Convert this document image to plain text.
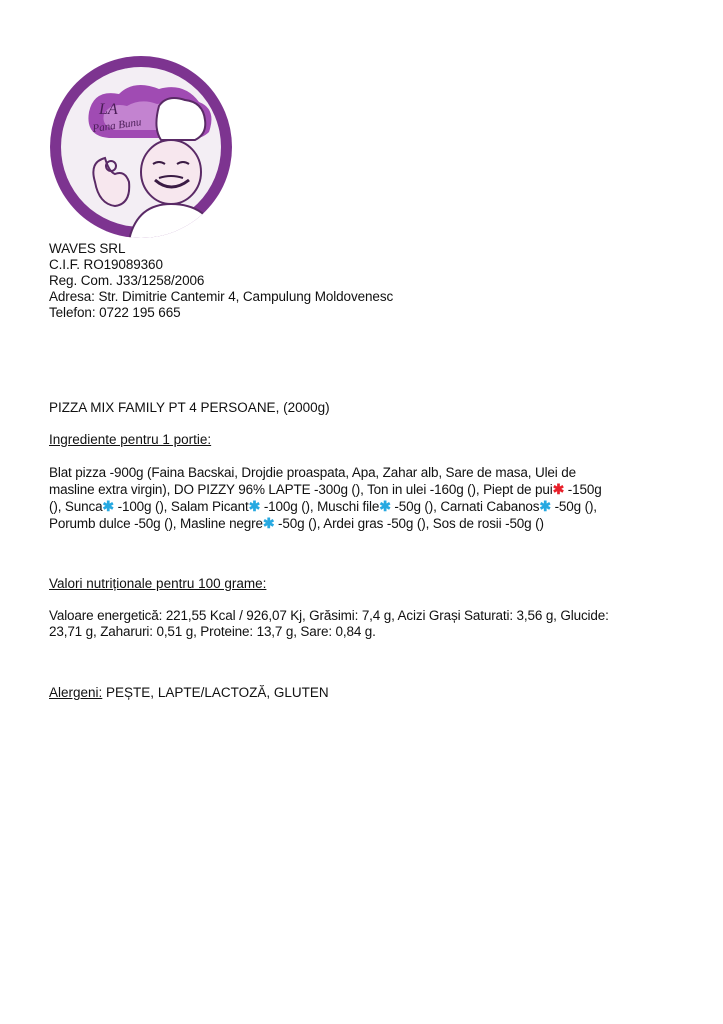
LA
Pana Bunu
WAVES SRL
C.I.F. RO19089360
Reg. Com. J33/1258/2006
Adresa: Str. Dimitrie Cantemir 4, Campulung Moldovenesc
Telefon: 0722 195 665
PIZZA MIX FAMILY PT 4 PERSOANE, (2000g)
Ingrediente pentru 1 portie:
Blat pizza -900g (Faina Bacskai, Drojdie proaspata, Apa, Zahar alb, Sare de masa, Ulei de
masline extra virgin), DO PIZZY 96% LAPTE -300g (), Ton in ulei -160g (), Piept de pui✱ -150g
(), Sunca✱ -100g (), Salam Picant✱ -100g (), Muschi file✱ -50g (), Carnati Cabanos✱ -50g (),
Porumb dulce -50g (), Masline negre✱ -50g (), Ardei gras -50g (), Sos de rosii -50g ()
Valori nutriționale pentru 100 grame:
Valoare energetică: 221,55 Kcal / 926,07 Kj, Grăsimi: 7,4 g, Acizi Grași Saturati: 3,56 g, Glucide:
23,71 g, Zaharuri: 0,51 g, Proteine: 13,7 g, Sare: 0,84 g.
Alergeni: PEȘTE, LAPTE/LACTOZĂ, GLUTEN
